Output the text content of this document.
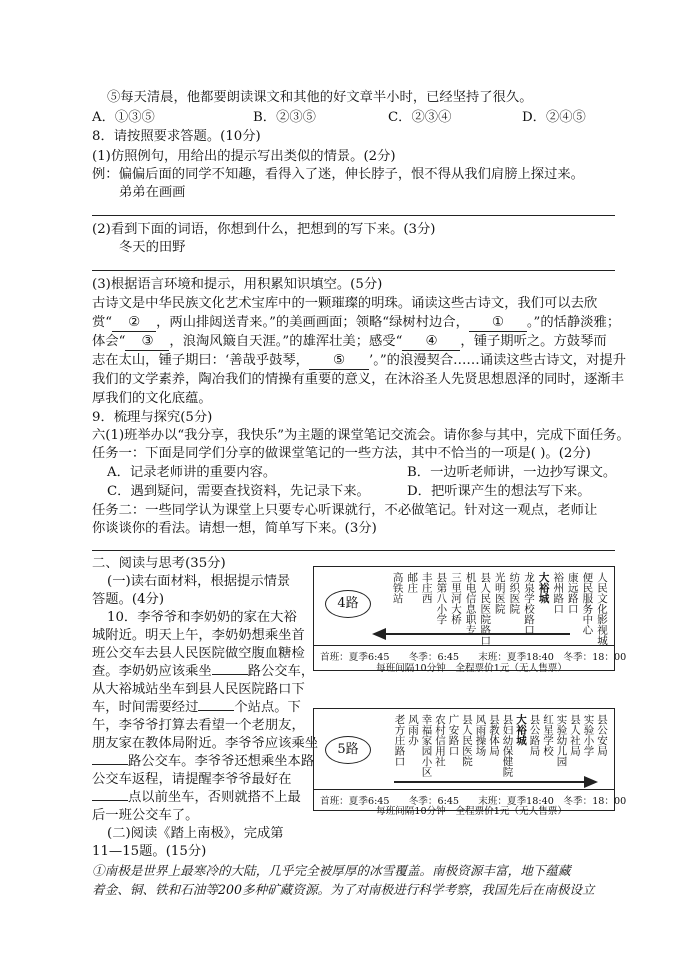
⑤每天清晨，他都要朗读课文和其他的好文章半小时，已经坚持了很久。
A．①③⑤	B．②③⑤	C．②③④	D．②④⑤
8．请按照要求答题。(10分)
(1)仿照例句，用给出的提示写出类似的情景。(2分)
例：偏偏后面的同学不知趣，看得入了迷，伸长脖子，恨不得从我们肩膀上探过来。
弟弟在画画
(2)看到下面的词语，你想到什么，把想到的写下来。(3分)
冬天的田野
(3)根据语言环境和提示，用积累知识填空。(5分)
古诗文是中华民族文化艺术宝库中的一颗璀璨的明珠。诵读这些古诗文，我们可以去欣
赏“ ② ，两山排闼送青来。”的美画画面；领略“绿树村边合， ① 。”的恬静淡雅；
体会“ ③ ，浪淘风簸自天涯。”的雄浑壮美；感受“ ④ ，锺子期听之。方鼓琴而
志在太山，锺子期曰：‘善哉乎鼓琴， ⑤ ’。”的浪漫契合……诵读这些古诗文，对提升
我们的文学素养，陶冶我们的情操有重要的意义，在沐浴圣人先贤思想恩泽的同时，逐渐丰
厚我们的文化底蕴。
9．梳理与探究(5分)
六(1)班举办以“我分享，我快乐”为主题的课堂笔记交流会。请你参与其中，完成下面任务。
任务一：下面是同学们分享的做课堂笔记的一些方法，其中不恰当的一项是( )。(2分)
A．记录老师讲的重要内容。	B．一边听老师讲，一边抄写课文。
C．遇到疑问，需要查找资料，先记录下来。	D．把听课产生的想法写下来。
任务二：一些同学认为课堂上只要专心听课就行，不必做笔记。针对这一观点，老师让
你谈谈你的看法。请想一想，简单写下来。(3分)
二、阅读与思考(35分)
(一)读右面材料，根据提示情景
答题。(4分)
10．李爷爷和李奶奶的家在大裕
城附近。明天上午，李奶奶想乘坐首
班公交车去县人民医院做空腹血糖检
查。李奶奶应该乘坐	路公交车，
从大裕城站坐车到县人民医院路口下
车，时间需要经过	个站点。下
午，李爷爷打算去看望一个老朋友，
朋友家在教体局附近。李爷爷应该乘坐
路公交车。李爷爷还想乘坐本路
公交车返程，请提醒李爷爷最好在
点以前坐车，否则就搭不上最
后一班公交车了。
(二)阅读《踏上南极》，完成第
11—15题。(15分)
4路	人民文化影视城
便民服务中心
康远路口
裕州路口
大裕城
龙泉学校路口
纺织医院
光明医院
县人民医院路口
机电信息职专
三里河大桥
县第八小学
丰庄西
邮庄
高铁站
首班：夏季6:45　　冬季：6:45　　末班：夏季18:40　冬季：18：00
每班间隔10分钟　全程票价1元（无人售票）
5路	县公安局
实验小学
县人社局
实验幼儿园
红星学校
县公路局
大裕城
县妇幼保健院
县教体局
风雨操场
县人民医院
广安路口
农村信用社
幸福家园小区
风雨办
老方庄路口
首班：夏季6:45　　冬季：6:45　　末班：夏季18:40　冬季：18：00
每班间隔10分钟　全程票价1元（无人售票）
①南极是世界上最寒冷的大陆，几乎完全被厚厚的冰雪覆盖。南极资源丰富，地下蕴藏
着金、铜、铁和石油等200多种矿藏资源。为了对南极进行科学考察，我国先后在南极设立
